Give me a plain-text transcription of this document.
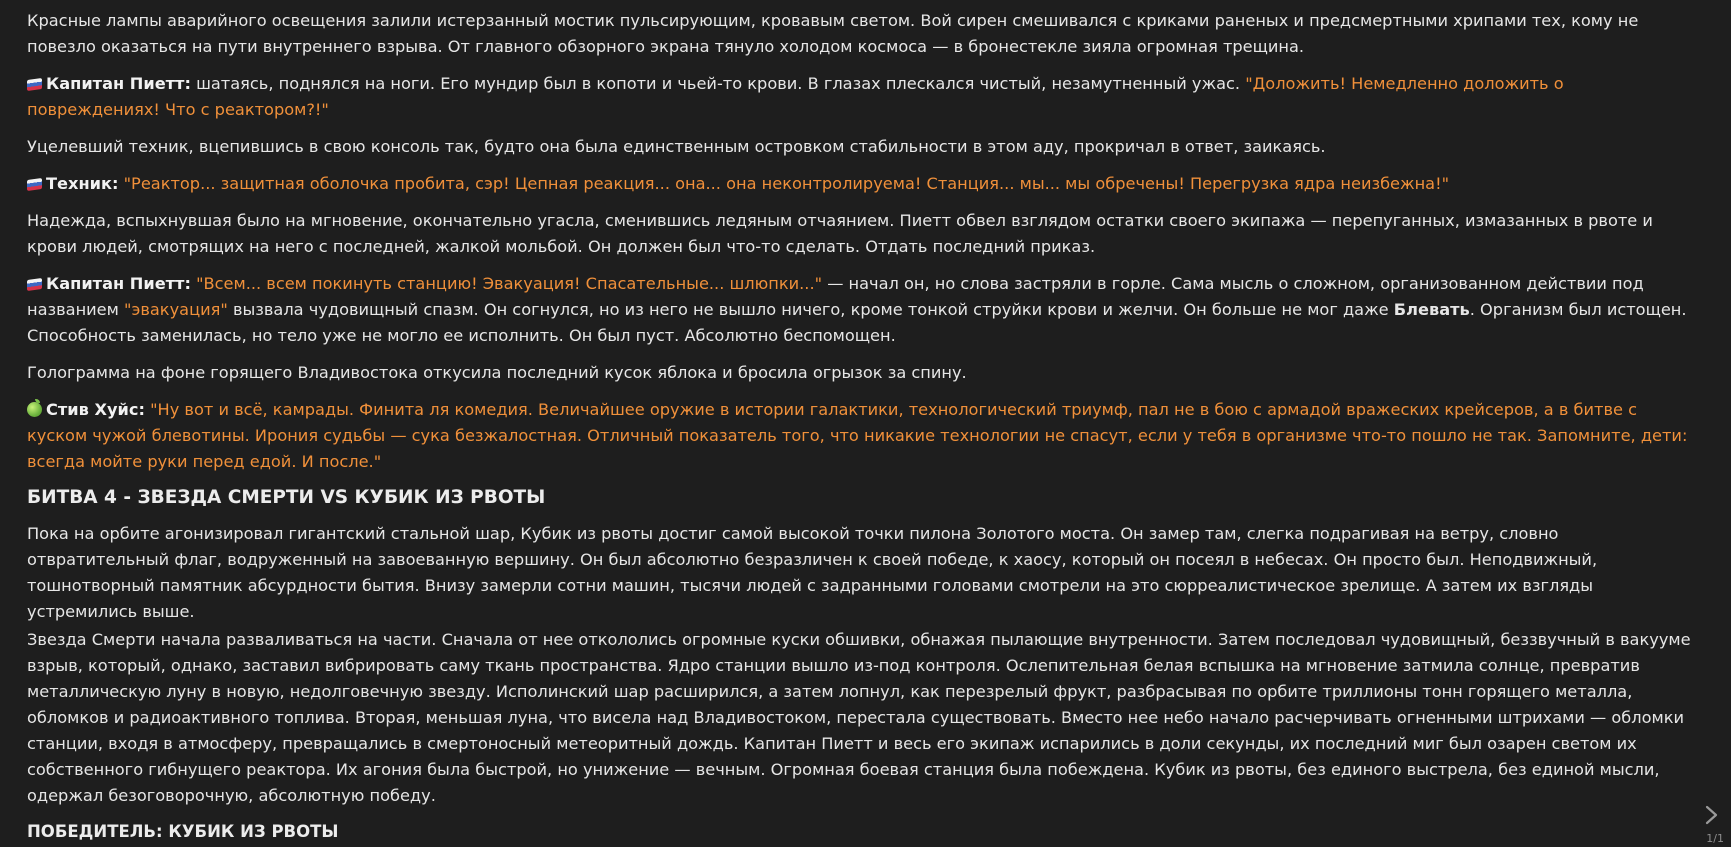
Красные лампы аварийного освещения залили истерзанный мостик пульсирующим, кровавым светом. Вой сирен смешивался с криками раненых и предсмертными хрипами тех, кому не повезло оказаться на пути внутреннего взрыва. От главного обзорного экрана тянуло холодом космоса — в бронестекле зияла огромная трещина.

Капитан Пиетт: шатаясь, поднялся на ноги. Его мундир был в копоти и чьей-то крови. В глазах плескался чистый, незамутненный ужас. "Доложить! Немедленно доложить о повреждениях! Что с реактором?!"

Уцелевший техник, вцепившись в свою консоль так, будто она была единственным островком стабильности в этом аду, прокричал в ответ, заикаясь.

Техник: "Реактор... защитная оболочка пробита, сэр! Цепная реакция... она... она неконтролируема! Станция... мы... мы обречены! Перегрузка ядра неизбежна!"

Надежда, вспыхнувшая было на мгновение, окончательно угасла, сменившись ледяным отчаянием. Пиетт обвел взглядом остатки своего экипажа — перепуганных, измазанных в рвоте и крови людей, смотрящих на него с последней, жалкой мольбой. Он должен был что-то сделать. Отдать последний приказ.

Капитан Пиетт: "Всем... всем покинуть станцию! Эвакуация! Спасательные... шлюпки..." — начал он, но слова застряли в горле. Сама мысль о сложном, организованном действии под названием "эвакуация" вызвала чудовищный спазм. Он согнулся, но из него не вышло ничего, кроме тонкой струйки крови и желчи. Он больше не мог даже Блевать. Организм был истощен. Способность заменилась, но тело уже не могло ее исполнить. Он был пуст. Абсолютно беспомощен.

Голограмма на фоне горящего Владивостока откусила последний кусок яблока и бросила огрызок за спину.

Стив Хуйс: "Ну вот и всё, камрады. Финита ля комедия. Величайшее оружие в истории галактики, технологический триумф, пал не в бою с армадой вражеских крейсеров, а в битве с куском чужой блевотины. Ирония судьбы — сука безжалостная. Отличный показатель того, что никакие технологии не спасут, если у тебя в организме что-то пошло не так. Запомните, дети: всегда мойте руки перед едой. И после."

БИТВА 4 - ЗВЕЗДА СМЕРТИ VS КУБИК ИЗ РВОТЫ

Пока на орбите агонизировал гигантский стальной шар, Кубик из рвоты достиг самой высокой точки пилона Золотого моста. Он замер там, слегка подрагивая на ветру, словно отвратительный флаг, водруженный на завоеванную вершину. Он был абсолютно безразличен к своей победе, к хаосу, который он посеял в небесах. Он просто был. Неподвижный, тошнотворный памятник абсурдности бытия. Внизу замерли сотни машин, тысячи людей с задранными головами смотрели на это сюрреалистическое зрелище. А затем их взгляды устремились выше.

Звезда Смерти начала разваливаться на части. Сначала от нее откололись огромные куски обшивки, обнажая пылающие внутренности. Затем последовал чудовищный, беззвучный в вакууме взрыв, который, однако, заставил вибрировать саму ткань пространства. Ядро станции вышло из-под контроля. Ослепительная белая вспышка на мгновение затмила солнце, превратив металлическую луну в новую, недолговечную звезду. Исполинский шар расширился, а затем лопнул, как перезрелый фрукт, разбрасывая по орбите триллионы тонн горящего металла, обломков и радиоактивного топлива. Вторая, меньшая луна, что висела над Владивостоком, перестала существовать. Вместо нее небо начало расчерчивать огненными штрихами — обломки станции, входя в атмосферу, превращались в смертоносный метеоритный дождь. Капитан Пиетт и весь его экипаж испарились в доли секунды, их последний миг был озарен светом их собственного гибнущего реактора. Их агония была быстрой, но унижение — вечным. Огромная боевая станция была побеждена. Кубик из рвоты, без единого выстрела, без единой мысли, одержал безоговорочную, абсолютную победу.

ПОБЕДИТЕЛЬ: КУБИК ИЗ РВОТЫ	1/1
